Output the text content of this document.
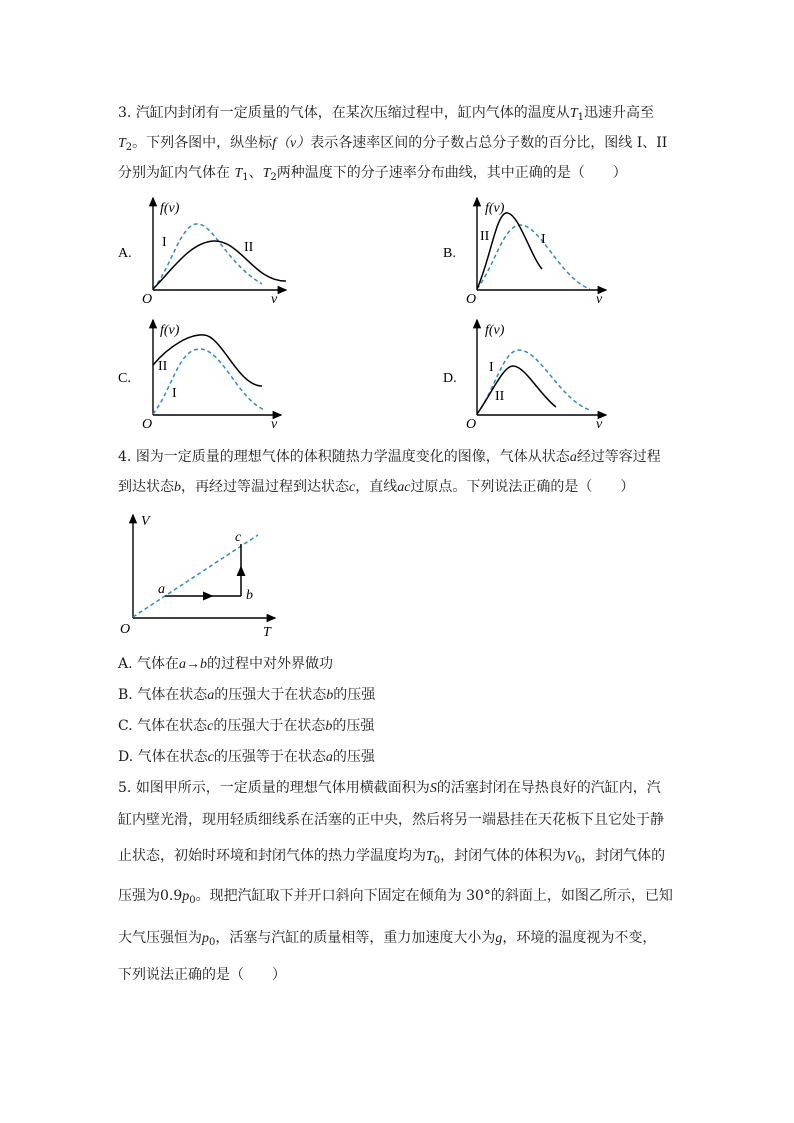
3. 汽缸内封闭有一定质量的气体，在某次压缩过程中，缸内气体的温度从$T_1$迅速升高至
$T_2$。下列各图中，纵坐标f（v）表示各速率区间的分子数占总分子数的百分比，图线 I、II
分别为缸内气体在 $T_1$、$T_2$两种温度下的分子速率分布曲线，其中正确的是（　　）
A.
f(v)
v
O
I	II	B.
f(v)
v
O
II	I
C.
f(v)
v
O
II
I
D.
f(v)
v
O
I
II
4. 图为一定质量的理想气体的体积随热力学温度变化的图像，气体从状态a经过等容过程
到达状态b，再经过等温过程到达状态c，直线ac过原点。下列说法正确的是（　　）
V
T
O
a	b
c
A. 气体在a→b的过程中对外界做功
B. 气体在状态a的压强大于在状态b的压强
C. 气体在状态c的压强大于在状态b的压强
D. 气体在状态c的压强等于在状态a的压强
5. 如图甲所示，一定质量的理想气体用横截面积为S的活塞封闭在导热良好的汽缸内，汽
缸内壁光滑，现用轻质细线系在活塞的正中央，然后将另一端悬挂在天花板下且它处于静
止状态，初始时环境和封闭气体的热力学温度均为$T_0$，封闭气体的体积为$V_0$，封闭气体的
压强为$0.9p_0$。现把汽缸取下并开口斜向下固定在倾角为 30°的斜面上，如图乙所示，已知
大气压强恒为$p_0$，活塞与汽缸的质量相等，重力加速度大小为g，环境的温度视为不变，
下列说法正确的是（　　）
